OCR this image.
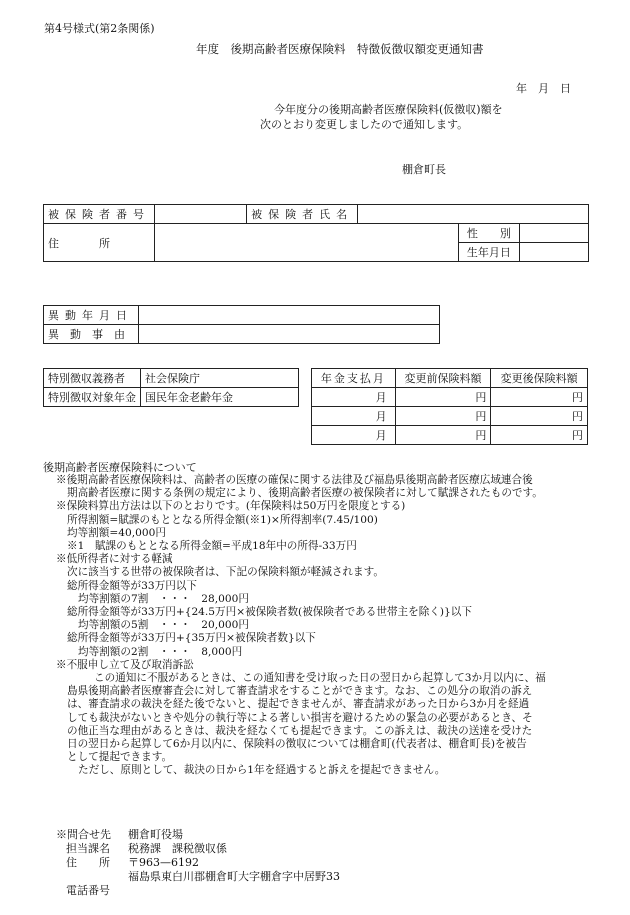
第4号様式(第2条関係)
年度　後期高齢者医療保険料　特徴仮徴収額変更通知書
年　月　日
今年度分の後期高齢者医療保険料(仮徴収)額を
次のとおり変更しましたので通知します。
棚倉町長
被保険者番号		被保険者氏名			
住　　所				性　　別	
				生年月日	
異動年月日	
異　動　事　由	
特別徴収義務者	社会保険庁
特別徴収対象年金	国民年金老齢年金
年金支払月	変更前保険料額	変更後保険料額
月	円	円
月	円	円
月	円	円
後期高齢者医療保険料について
※後期高齢者医療保険料は、高齢者の医療の確保に関する法律及び福島県後期高齢者医療広域連合後
期高齢者医療に関する条例の規定により、後期高齢者医療の被保険者に対して賦課されたものです。
※保険料算出方法は以下のとおりです。(年保険料は50万円を限度とする)
所得割額=賦課のもととなる所得金額(※1)×所得割率(7.45/100)
均等割額=40,000円
※1　賦課のもととなる所得金額=平成18年中の所得-33万円
※低所得者に対する軽減
次に該当する世帯の被保険者は、下記の保険料額が軽減されます。
総所得金額等が33万円以下
均等割額の7割　・・・　28,000円
総所得金額等が33万円+{24.5万円×被保険者数(被保険者である世帯主を除く)}以下
均等割額の5割　・・・　20,000円
総所得金額等が33万円+{35万円×被保険者数}以下
均等割額の2割　・・・　8,000円
※不服申し立て及び取消訴訟
この通知に不服があるときは、この通知書を受け取った日の翌日から起算して3か月以内に、福
島県後期高齢者医療審査会に対して審査請求をすることができます。なお、この処分の取消の訴え
は、審査請求の裁決を経た後でないと、提起できませんが、審査請求があった日から3か月を経過
しても裁決がないときや処分の執行等による著しい損害を避けるための緊急の必要があるとき、そ
の他正当な理由があるときは、裁決を経なくても提起できます。この訴えは、裁決の送達を受けた
日の翌日から起算して6か月以内に、保険料の徴収については棚倉町(代表者は、棚倉町長)を被告
として提起できます。
ただし、原則として、裁決の日から1年を経過すると訴えを提起できません。
※問合せ先 棚倉町役場
担当課名 税務課　課税徴収係
住　　所 〒963—6192
福島県東白川郡棚倉町大字棚倉字中居野33
電話番号
